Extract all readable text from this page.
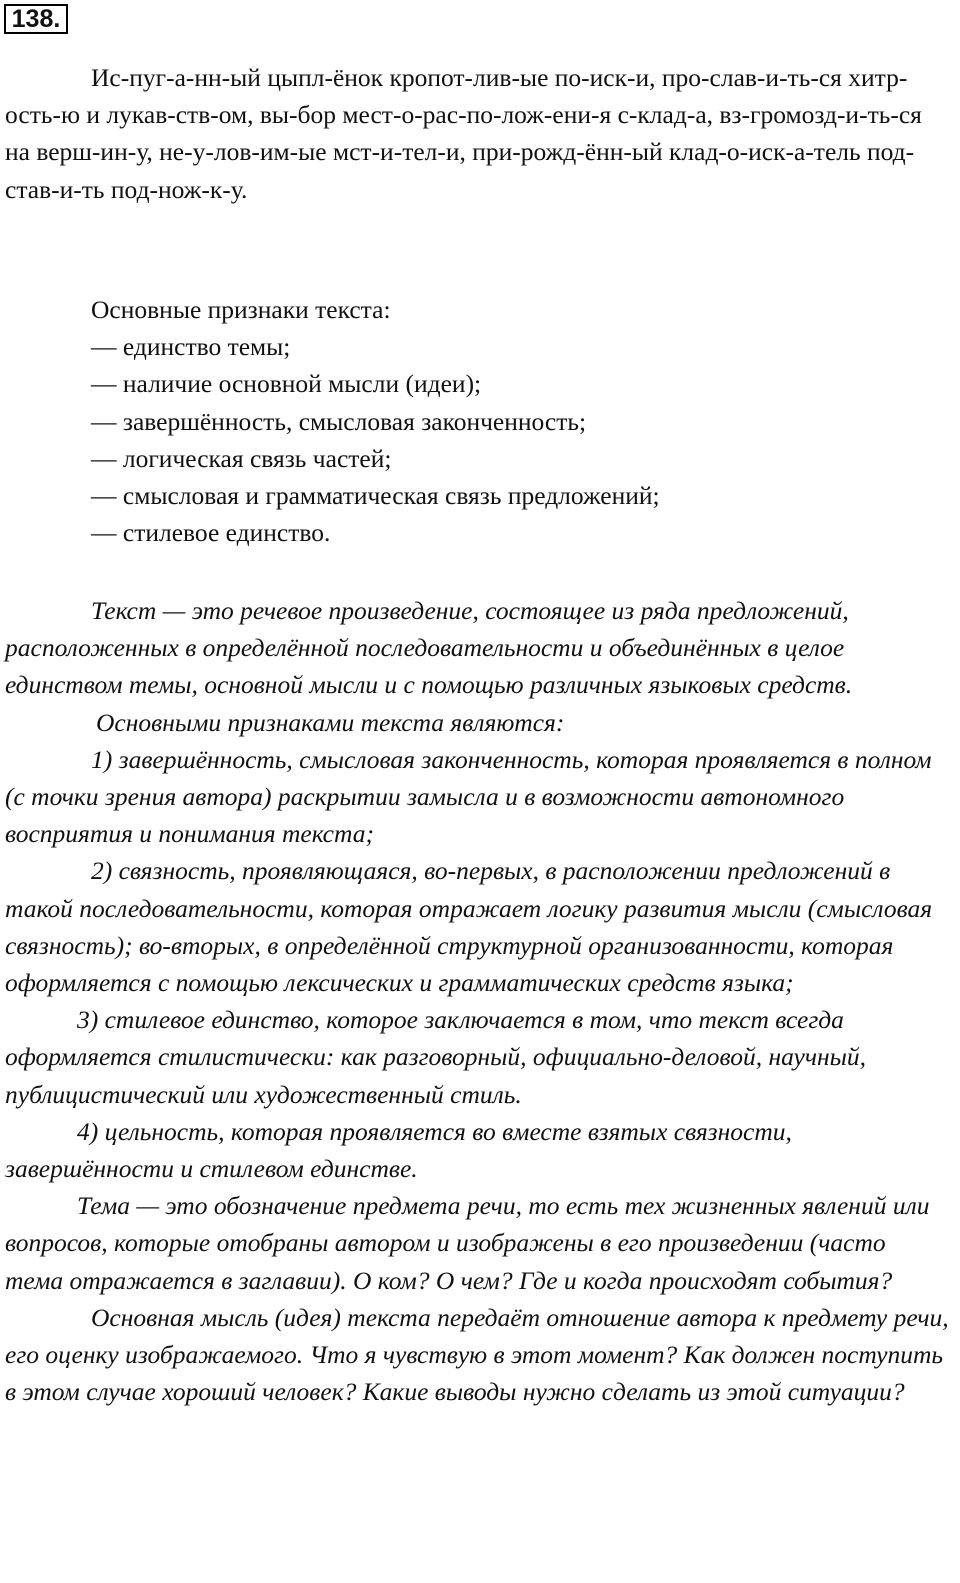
138.

Ис-пуг-а-нн-ый цыпл-ёнок кропот-лив-ые по-иск-и, про-слав-и-ть-ся хитр-ость-ю и лукав-ств-ом, вы-бор мест-о-рас-по-лож-ени-я с-клад-а, вз-громозд-и-ть-ся на верш-ин-у, не-у-лов-им-ые мст-и-тел-и, при-рожд-ённ-ый клад-о-иск-а-тель под-став-и-ть под-нож-к-у.

Основные признаки текста:
— единство темы;
— наличие основной мысли (идеи);
— завершённость, смысловая законченность;
— логическая связь частей;
— смысловая и грамматическая связь предложений;
— стилевое единство.

Текст — это речевое произведение, состоящее из ряда предложений, расположенных в определённой последовательности и объединённых в целое единством темы, основной мысли и с помощью различных языковых средств.

Основными признаками текста являются:

1) завершённость, смысловая законченность, которая проявляется в полном (с точки зрения автора) раскрытии замысла и в возможности автономного восприятия и понимания текста;

2) связность, проявляющаяся, во-первых, в расположении предложений в такой последовательности, которая отражает логику развития мысли (смысловая связность); во-вторых, в определённой структурной организованности, которая оформляется с помощью лексических и грамматических средств языка;

3) стилевое единство, которое заключается в том, что текст всегда оформляется стилистически: как разговорный, официально-деловой, научный, публицистический или художественный стиль.

4) цельность, которая проявляется во вместе взятых связности, завершённости и стилевом единстве.

Тема — это обозначение предмета речи, то есть тех жизненных явлений или вопросов, которые отобраны автором и изображены в его произведении (часто тема отражается в заглавии). О ком? О чем? Где и когда происходят события?

Основная мысль (идея) текста передаёт отношение автора к предмету речи, его оценку изображаемого. Что я чувствую в этот момент? Как должен поступить в этом случае хороший человек? Какие выводы нужно сделать из этой ситуации?
